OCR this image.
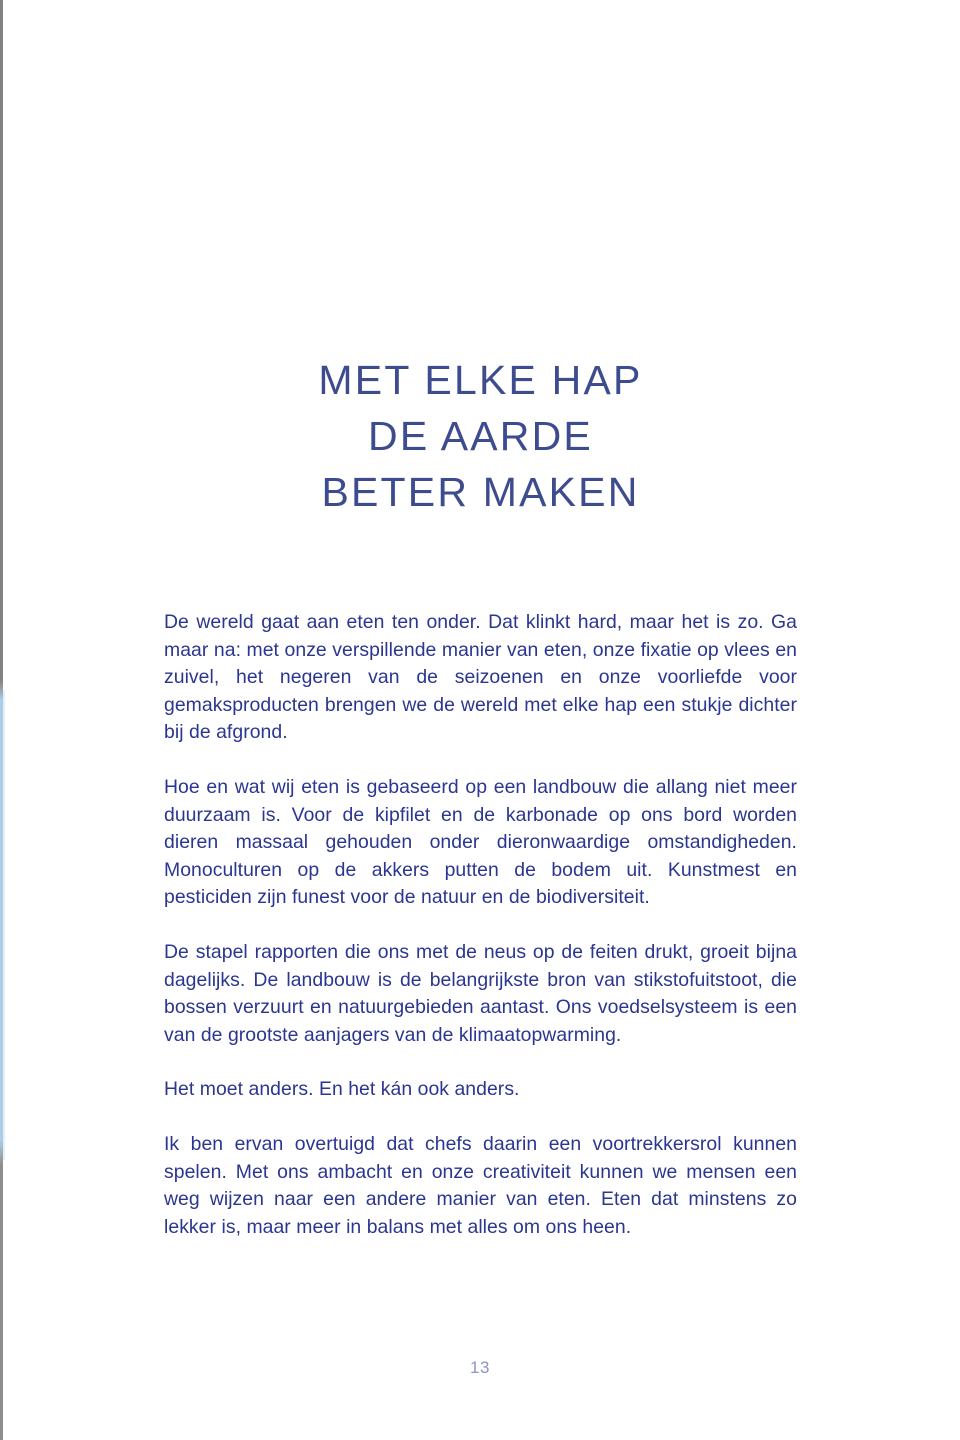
MET ELKE HAP
DE AARDE
BETER MAKEN

De wereld gaat aan eten ten onder. Dat klinkt hard, maar het is zo. Ga maar na: met onze verspillende manier van eten, onze fixatie op vlees en zuivel, het negeren van de seizoenen en onze voorliefde voor gemaksproducten brengen we de wereld met elke hap een stukje dichter bij de afgrond.

Hoe en wat wij eten is gebaseerd op een landbouw die allang niet meer duurzaam is. Voor de kipfilet en de karbonade op ons bord worden dieren massaal gehouden onder dieronwaardige omstandigheden. Monoculturen op de akkers putten de bodem uit. Kunstmest en pesticiden zijn funest voor de natuur en de biodiversiteit.

De stapel rapporten die ons met de neus op de feiten drukt, groeit bijna dagelijks. De landbouw is de belangrijkste bron van stikstofuitstoot, die bossen verzuurt en natuurgebieden aantast. Ons voedselsysteem is een van de grootste aanjagers van de klimaatopwarming.

Het moet anders. En het kán ook anders.

Ik ben ervan overtuigd dat chefs daarin een voortrekkersrol kunnen spelen. Met ons ambacht en onze creativiteit kunnen we mensen een weg wijzen naar een andere manier van eten. Eten dat minstens zo lekker is, maar meer in balans met alles om ons heen.

13
